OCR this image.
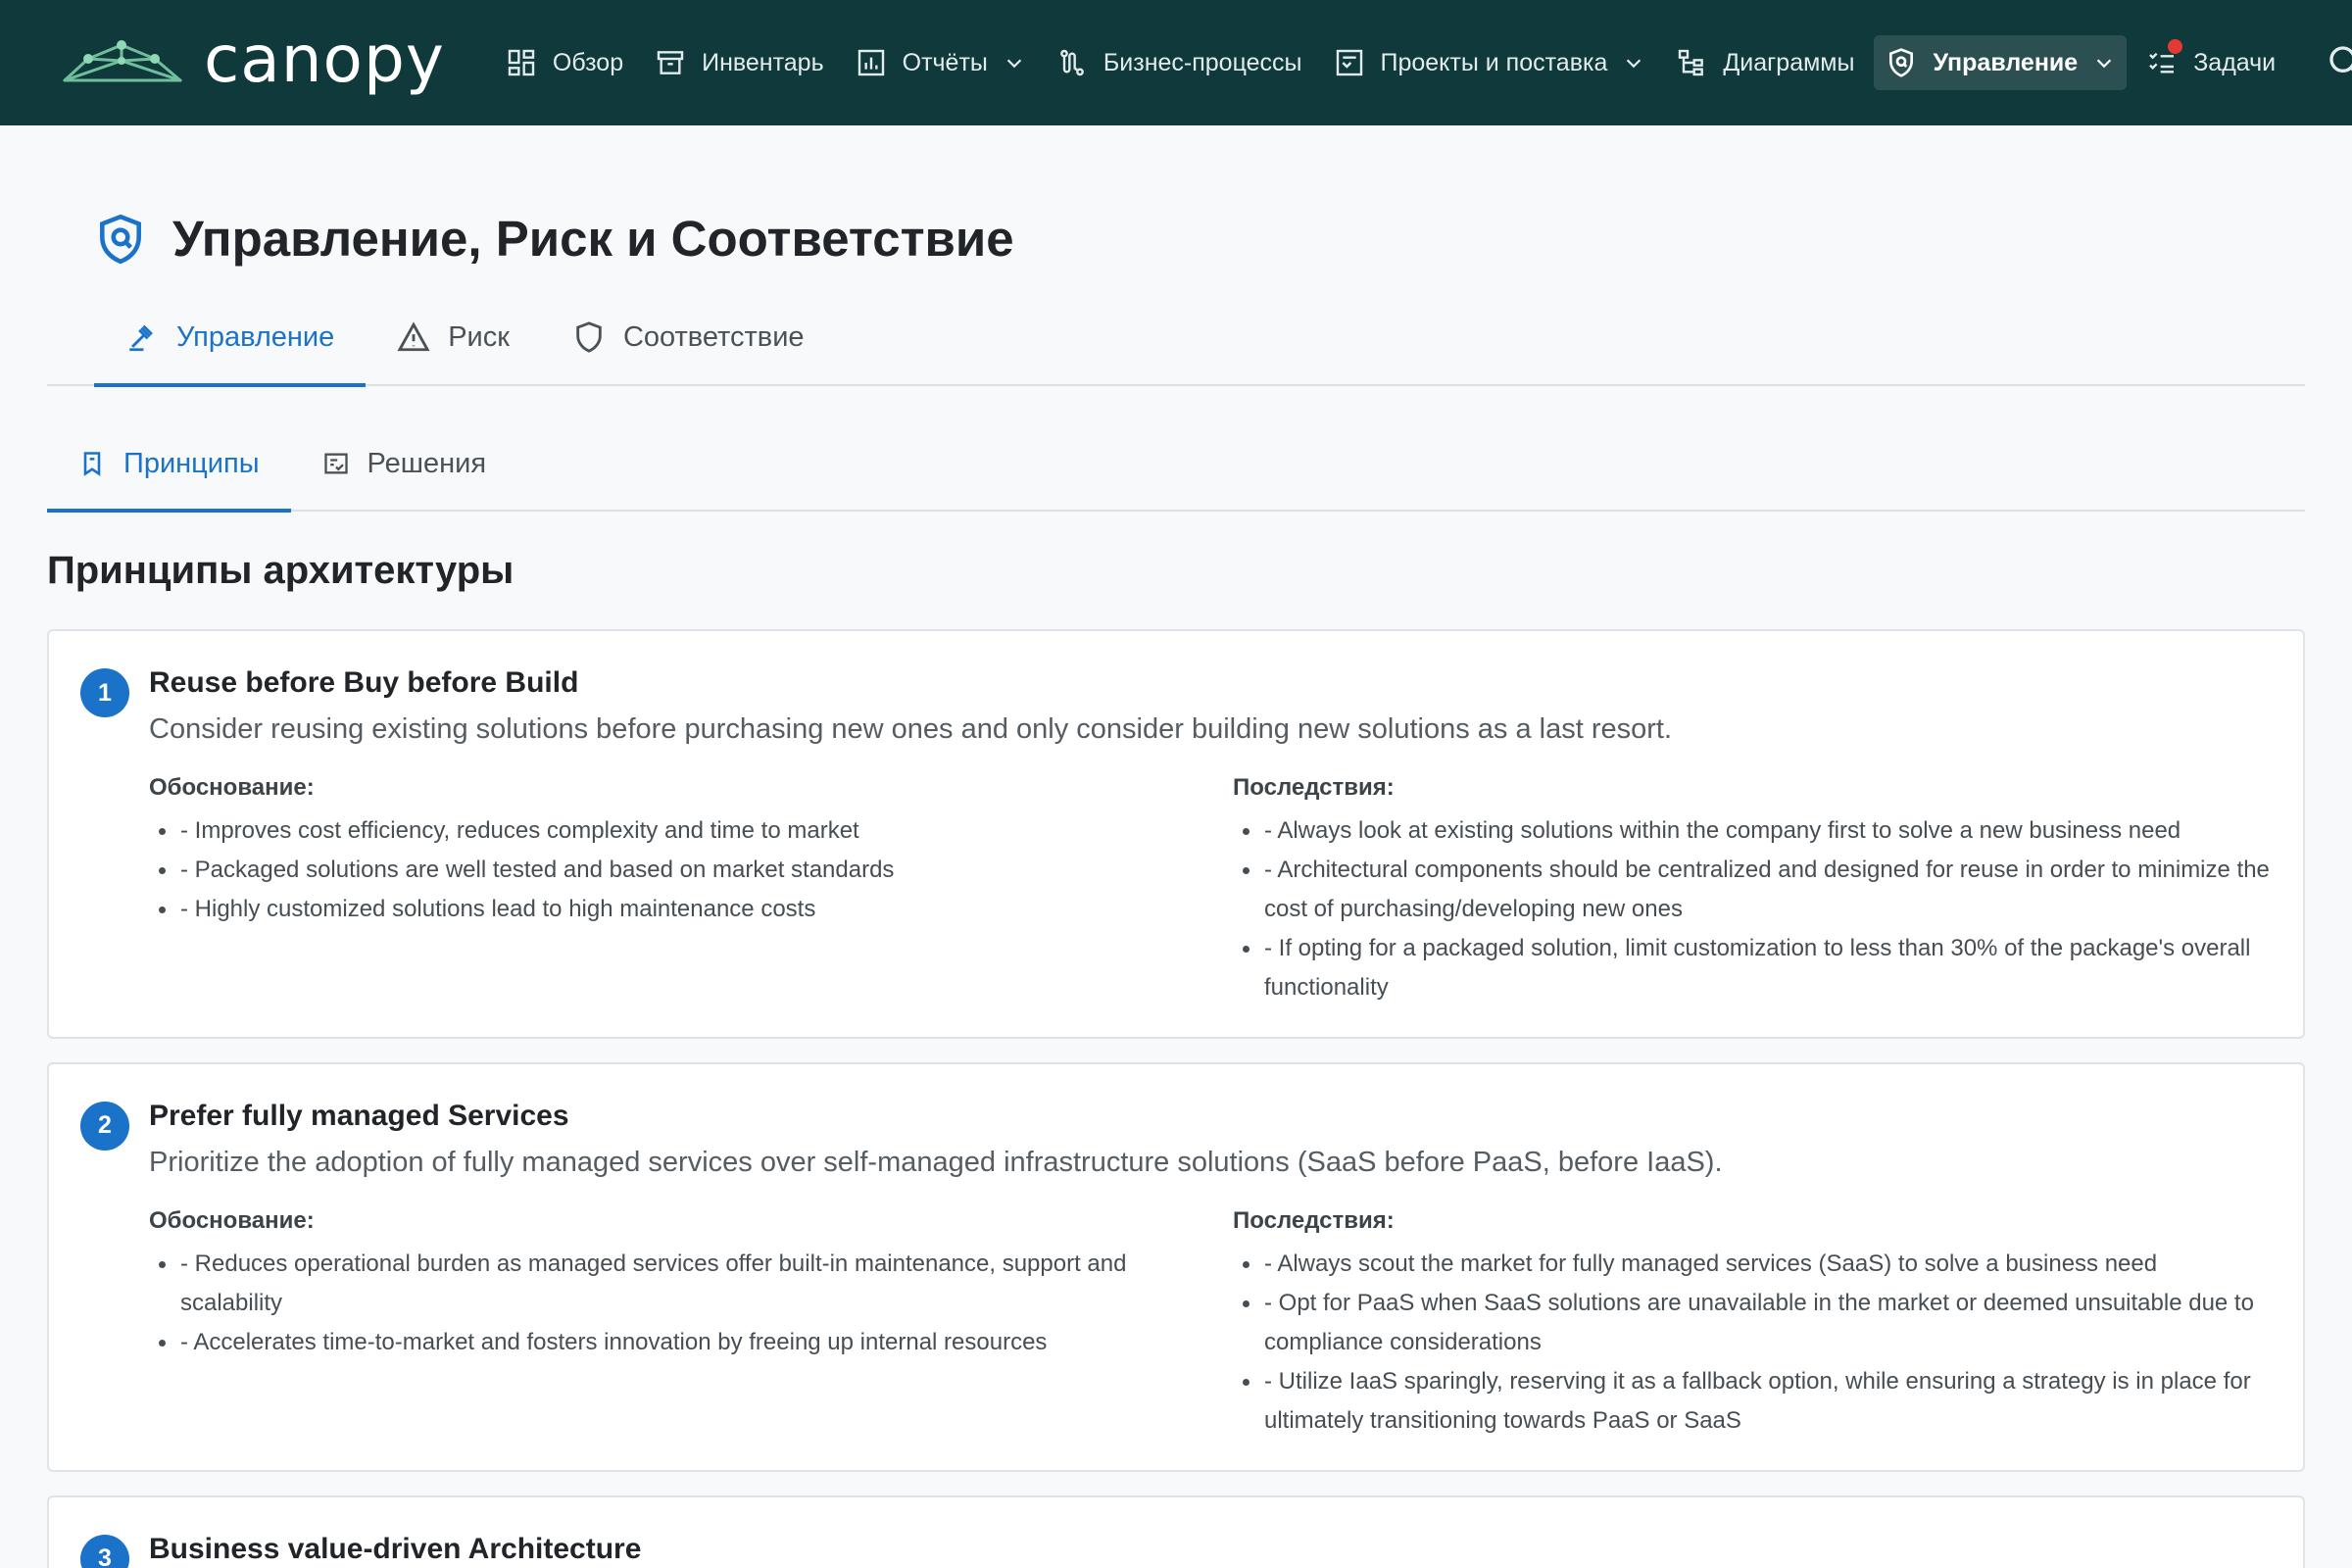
canopy	Обзор	Инвентарь	Отчёты	Бизнес-процессы	Проекты и поставка	Диаграммы	Управление	Задачи
Управление, Риск и Соответствие
Управление	Риск	Соответствие
Принципы	Решения
Принципы архитектуры
1	Reuse before Buy before Build
Consider reusing existing solutions before purchasing new ones and only consider building new solutions as a last resort.
Обоснование:
- Improves cost efficiency, reduces complexity and time to market
- Packaged solutions are well tested and based on market standards
- Highly customized solutions lead to high maintenance costs
Последствия:
- Always look at existing solutions within the company first to solve a new business need
- Architectural components should be centralized and designed for reuse in order to minimize the cost of purchasing/developing new ones
- If opting for a packaged solution, limit customization to less than 30% of the package's overall functionality
2	Prefer fully managed Services
Prioritize the adoption of fully managed services over self-managed infrastructure solutions (SaaS before PaaS, before IaaS).
Обоснование:
- Reduces operational burden as managed services offer built-in maintenance, support and scalability
- Accelerates time-to-market and fosters innovation by freeing up internal resources
Последствия:
- Always scout the market for fully managed services (SaaS) to solve a business need
- Opt for PaaS when SaaS solutions are unavailable in the market or deemed unsuitable due to compliance considerations
- Utilize IaaS sparingly, reserving it as a fallback option, while ensuring a strategy is in place for ultimately transitioning towards PaaS or SaaS
3	Business value-driven Architecture
